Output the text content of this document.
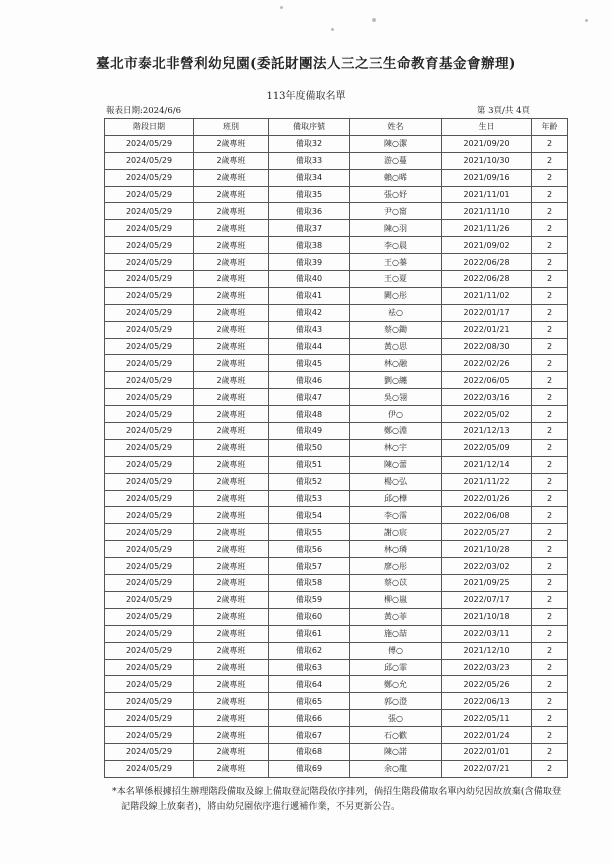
臺北市泰北非營利幼兒園(委託財團法人三之三生命教育基金會辦理)
113年度備取名單
報表日期:2024/6/6	第 3頁/共 4頁
階段日期	班別	備取序號	姓名	生日	年齡
2024/05/29	2歲專班	備取32	陳○潔	2021/09/20	2
2024/05/29	2歲專班	備取33	游○蔓	2021/10/30	2
2024/05/29	2歲專班	備取34	賴○晞	2021/09/16	2
2024/05/29	2歲專班	備取35	張○妤	2021/11/01	2
2024/05/29	2歲專班	備取36	尹○甯	2021/11/10	2
2024/05/29	2歲專班	備取37	陳○羽	2021/11/26	2
2024/05/29	2歲專班	備取38	李○晨	2021/09/02	2
2024/05/29	2歲專班	備取39	王○蓁	2022/06/28	2
2024/05/29	2歲專班	備取40	王○夏	2022/06/28	2
2024/05/29	2歲專班	備取41	闕○彤	2021/11/02	2
2024/05/29	2歲專班	備取42	袪○	2022/01/17	2
2024/05/29	2歲專班	備取43	蔡○鋤	2022/01/21	2
2024/05/29	2歲專班	備取44	黃○思	2022/08/30	2
2024/05/29	2歲專班	備取45	林○融	2022/02/26	2
2024/05/29	2歲專班	備取46	劉○纏	2022/06/05	2
2024/05/29	2歲專班	備取47	吳○翎	2022/03/16	2
2024/05/29	2歲專班	備取48	伊○	2022/05/02	2
2024/05/29	2歲專班	備取49	鄭○淵	2021/12/13	2
2024/05/29	2歲專班	備取50	林○宇	2022/05/09	2
2024/05/29	2歲專班	備取51	陳○蕾	2021/12/14	2
2024/05/29	2歲專班	備取52	楊○弘	2021/11/22	2
2024/05/29	2歲專班	備取53	邱○樺	2022/01/26	2
2024/05/29	2歲專班	備取54	李○霈	2022/06/08	2
2024/05/29	2歲專班	備取55	謝○宸	2022/05/27	2
2024/05/29	2歲專班	備取56	林○璘	2021/10/28	2
2024/05/29	2歲專班	備取57	廖○彤	2022/03/02	2
2024/05/29	2歲專班	備取58	蔡○苡	2021/09/25	2
2024/05/29	2歲專班	備取59	柳○嵐	2022/07/17	2
2024/05/29	2歲專班	備取60	黃○菲	2021/10/18	2
2024/05/29	2歲專班	備取61	施○喆	2022/03/11	2
2024/05/29	2歲專班	備取62	傅○	2021/12/10	2
2024/05/29	2歲專班	備取63	邱○霏	2022/03/23	2
2024/05/29	2歲專班	備取64	鄭○允	2022/05/26	2
2024/05/29	2歲專班	備取65	郭○澄	2022/06/13	2
2024/05/29	2歲專班	備取66	張○	2022/05/11	2
2024/05/29	2歲專班	備取67	石○歡	2022/01/24	2
2024/05/29	2歲專班	備取68	陳○諾	2022/01/01	2
2024/05/29	2歲專班	備取69	余○龍	2022/07/21	2
*本名單係根據招生辦理階段備取及線上備取登記階段依序排列，倘招生階段備取名單內幼兒因故放棄(含備取登記階段線上放棄者)，將由幼兒園依序進行遞補作業，不另更新公告。
